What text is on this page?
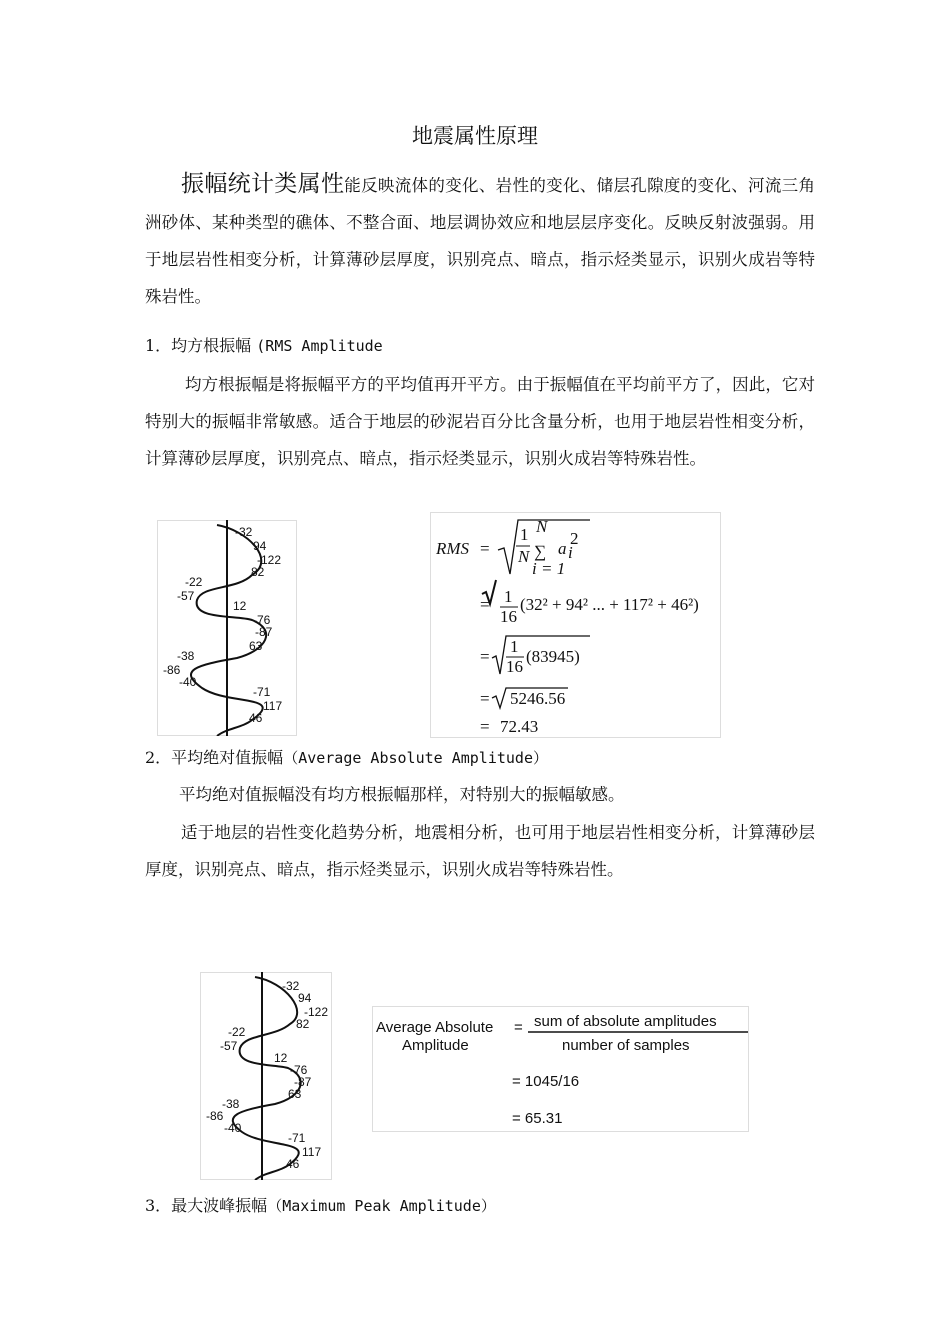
地震属性原理
振幅统计类属性能反映流体的变化、岩性的变化、储层孔隙度的变化、河流三角洲砂体、某种类型的礁体、不整合面、地层调协效应和地层层序变化。反映反射波强弱。用于地层岩性相变分析，计算薄砂层厚度，识别亮点、暗点，指示烃类显示，识别火成岩等特殊岩性。
1．均方根振幅 (RMS Amplitude
均方根振幅是将振幅平方的平均值再开平方。由于振幅值在平均前平方了，因此，它对特别大的振幅非常敏感。适合于地层的砂泥岩百分比含量分析，也用于地层岩性相变分析，计算薄砂层厚度，识别亮点、暗点，指示烃类显示，识别火成岩等特殊岩性。
-32
94
-122
82
-22
-57
12
-76
-87
63
-38
-86
-40
-71
117
46
RMS =
1
N
N
∑
i = 1
a i
2
= 1
16
(32² + 94² ... + 117² + 46²)
=
1
16
(83945)
= 5246.56
= 72.43
2．平均绝对值振幅（Average Absolute Amplitude）
平均绝对值振幅没有均方根振幅那样，对特别大的振幅敏感。
适于地层的岩性变化趋势分析，地震相分析，也可用于地层岩性相变分析，计算薄砂层厚度，识别亮点、暗点，指示烃类显示，识别火成岩等特殊岩性。
-32
94
-122
82
-22
-57
12
-76
-87
63
-38
-86
-40
-71
117
46
Average Absolute
Amplitude
= sum of absolute amplitudes
number of samples
= 1045/16
= 65.31
3．最大波峰振幅（Maximum Peak Amplitude）
